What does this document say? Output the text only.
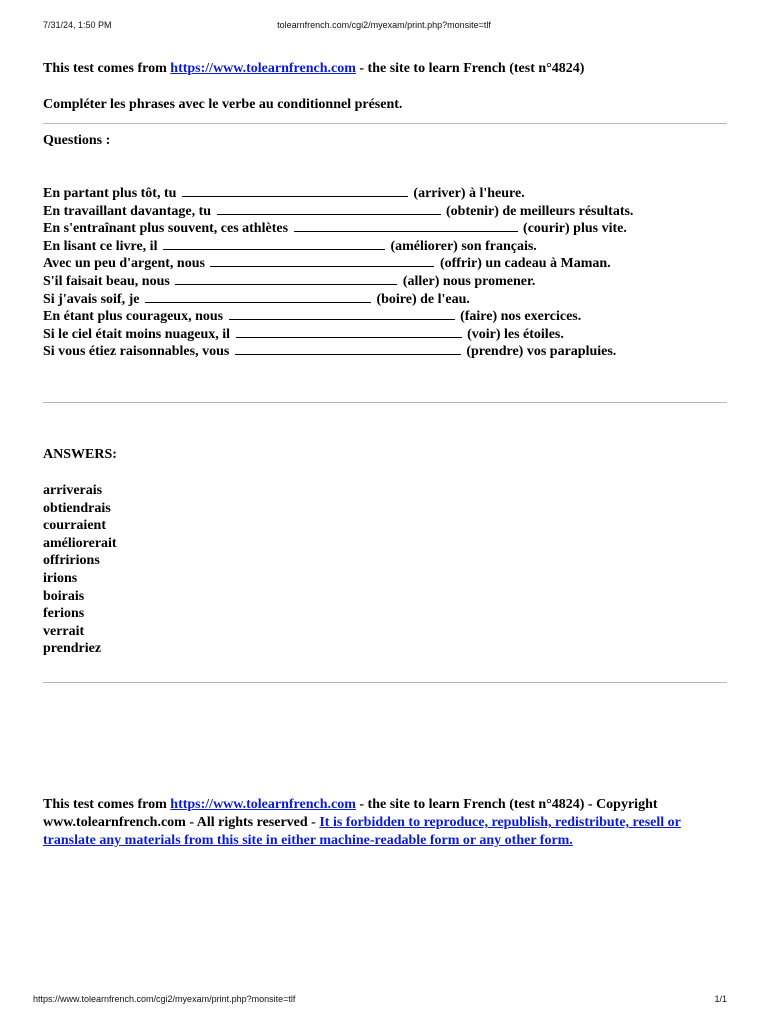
7/31/24, 1:50 PM	tolearnfrench.com/cgi2/myexam/print.php?monsite=tlf

This test comes from https://www.tolearnfrench.com - the site to learn French (test n°4824)

Compléter les phrases avec le verbe au conditionnel présent.

Questions :
En partant plus tôt, tu	(arriver) à l'heure.
En travaillant davantage, tu	(obtenir) de meilleurs résultats.
En s'entraînant plus souvent, ces athlètes	(courir) plus vite.
En lisant ce livre, il	(améliorer) son français.
Avec un peu d'argent, nous	(offrir) un cadeau à Maman.
S'il faisait beau, nous	(aller) nous promener.
Si j'avais soif, je	(boire) de l'eau.
En étant plus courageux, nous	(faire) nos exercices.
Si le ciel était moins nuageux, il	(voir) les étoiles.
Si vous étiez raisonnables, vous	(prendre) vos parapluies.
ANSWERS:
arriverais
obtiendrais
courraient
améliorerait
offririons
irions
boirais
ferions
verrait
prendriez
This test comes from https://www.tolearnfrench.com - the site to learn French (test n°4824) - Copyright www.tolearnfrench.com - All rights reserved - It is forbidden to reproduce, republish, redistribute, resell or translate any materials from this site in either machine-readable form or any other form.
https://www.tolearnfrench.com/cgi2/myexam/print.php?monsite=tlf	1/1
